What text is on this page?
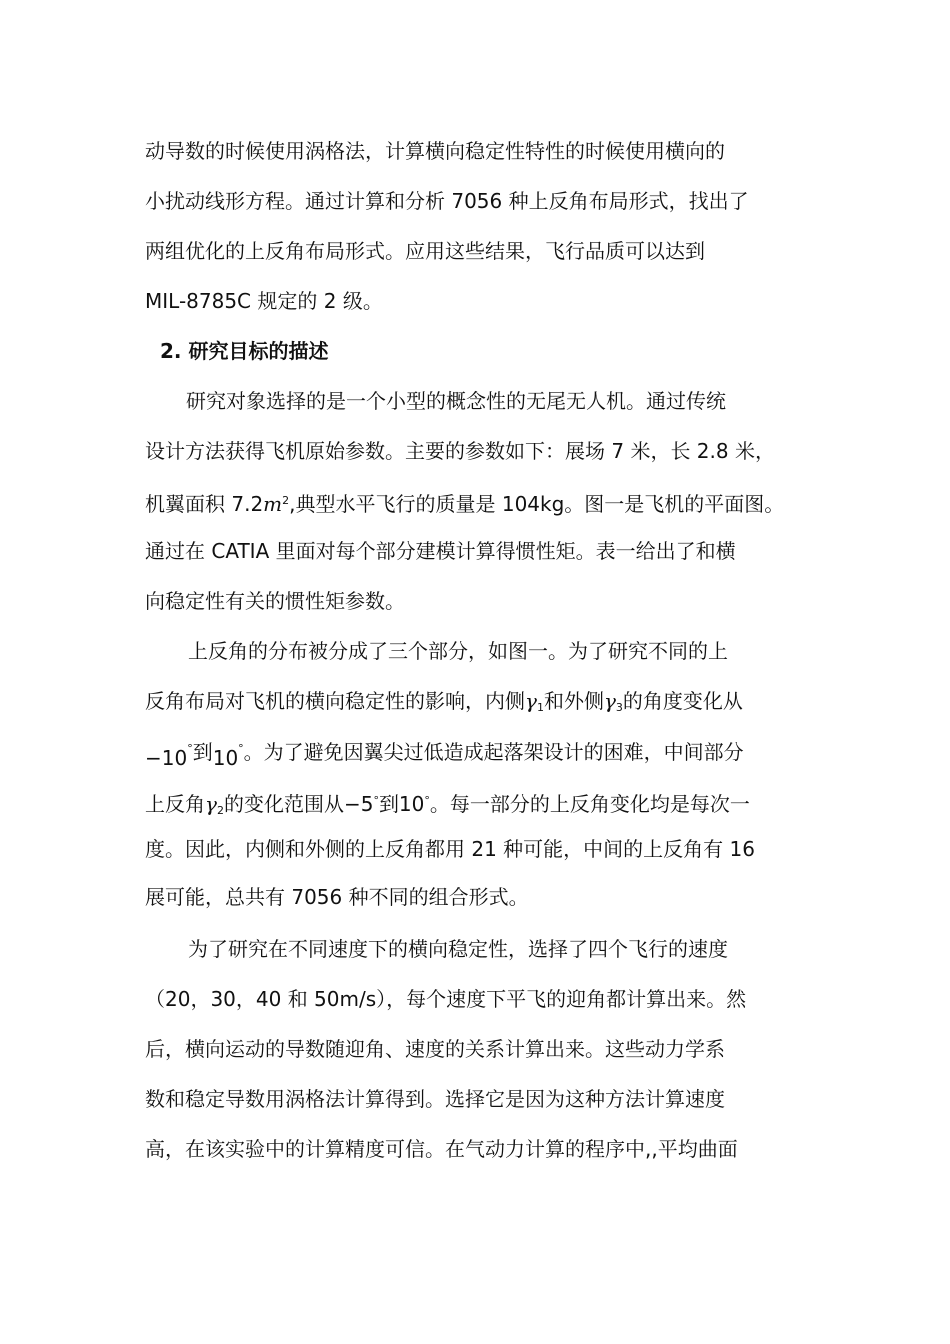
动导数的时候使用涡格法，计算横向稳定性特性的时候使用横向的
小扰动线形方程。通过计算和分析 7056 种上反角布局形式，找出了
两组优化的上反角布局形式。应用这些结果，飞行品质可以达到
MIL-8785C 规定的 2 级。
2. 研究目标的描述
研究对象选择的是一个小型的概念性的无尾无人机。通过传统
设计方法获得飞机原始参数。主要的参数如下：展场 7 米，长 2.8 米，
机翼面积 $7.2m^2$,典型水平飞行的质量是 104kg。图一是飞机的平面图。
通过在 CATIA 里面对每个部分建模计算得惯性矩。表一给出了和横
向稳定性有关的惯性矩参数。
上反角的分布被分成了三个部分，如图一。为了研究不同的上
反角布局对飞机的横向稳定性的影响，内侧$\gamma_1$和外侧$\gamma_3$的角度变化从
−10°到10°。为了避免因翼尖过低造成起落架设计的困难，中间部分
上反角$\gamma_2$的变化范围从−5°到10°。每一部分的上反角变化均是每次一
度。因此，内侧和外侧的上反角都用 21 种可能，中间的上反角有 16
展可能，总共有 7056 种不同的组合形式。
为了研究在不同速度下的横向稳定性，选择了四个飞行的速度
（20，30，40 和 50m/s），每个速度下平飞的迎角都计算出来。然
后，横向运动的导数随迎角、速度的关系计算出来。这些动力学系
数和稳定导数用涡格法计算得到。选择它是因为这种方法计算速度
高，在该实验中的计算精度可信。在气动力计算的程序中,,平均曲面
